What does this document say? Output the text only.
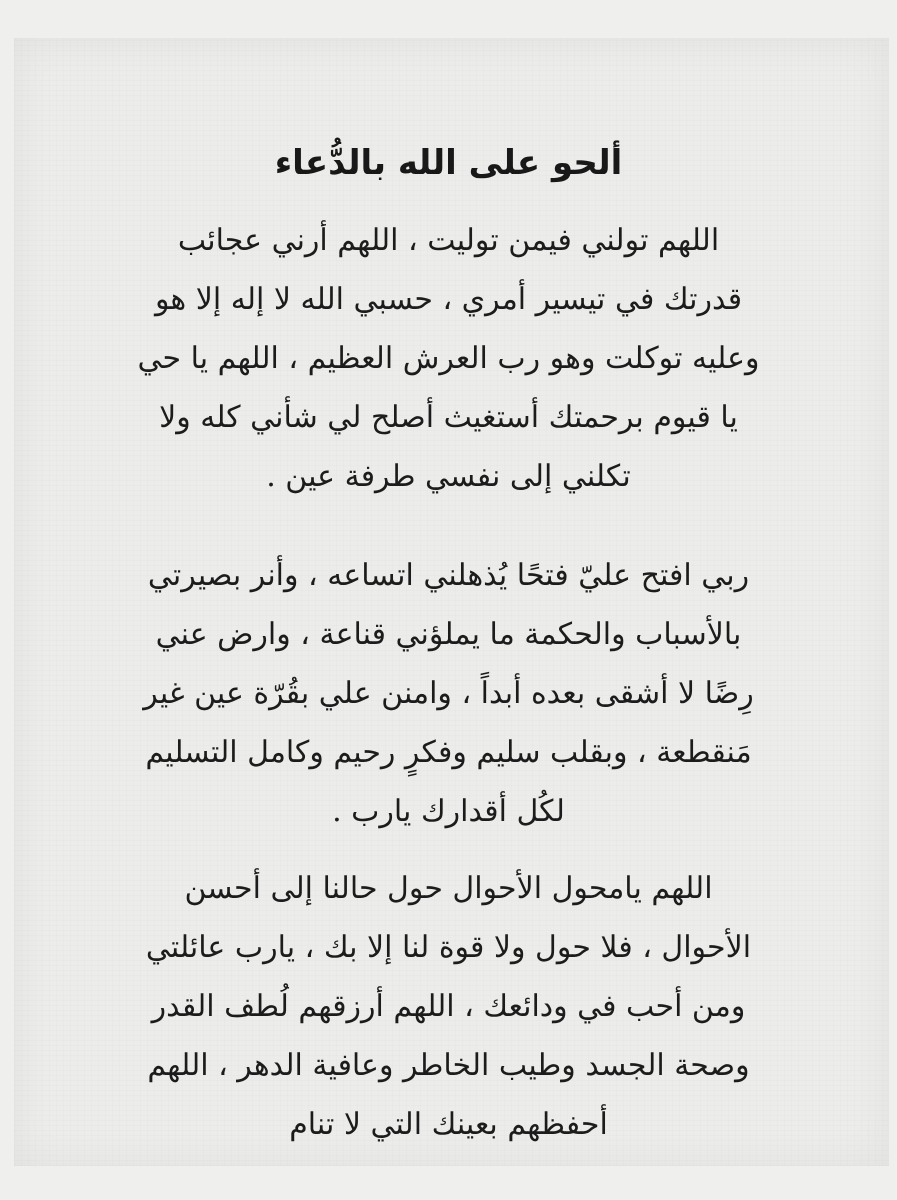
ألحو على الله بالدُّعاء
اللهم تولني فيمن توليت ، اللهم أرني عجائب
قدرتك في تيسير أمري ، حسبي الله لا إله إلا هو
وعليه توكلت وهو رب العرش العظيم ، اللهم يا حي
يا قيوم برحمتك أستغيث أصلح لي شأني كله ولا
تكلني إلى نفسي طرفة عين .
ربي افتح عليّ فتحًا يُذهلني اتساعه ، وأنر بصيرتي
بالأسباب والحكمة ما يملؤني قناعة ، وارض عني
رِضًا لا أشقى بعده أبداً ، وامنن علي بقُرّة عين غير
مَنقطعة ، وبقلب سليم وفكرٍ رحيم وكامل التسليم
لكُل أقدارك يارب .
اللهم يامحول الأحوال حول حالنا إلى أحسن
الأحوال ، فلا حول ولا قوة لنا إلا بك ، يارب عائلتي
ومن أحب في ودائعك ، اللهم أرزقهم لُطف القدر
وصحة الجسد وطيب الخاطر وعافية الدهر ، اللهم
أحفظهم بعينك التي لا تنام
